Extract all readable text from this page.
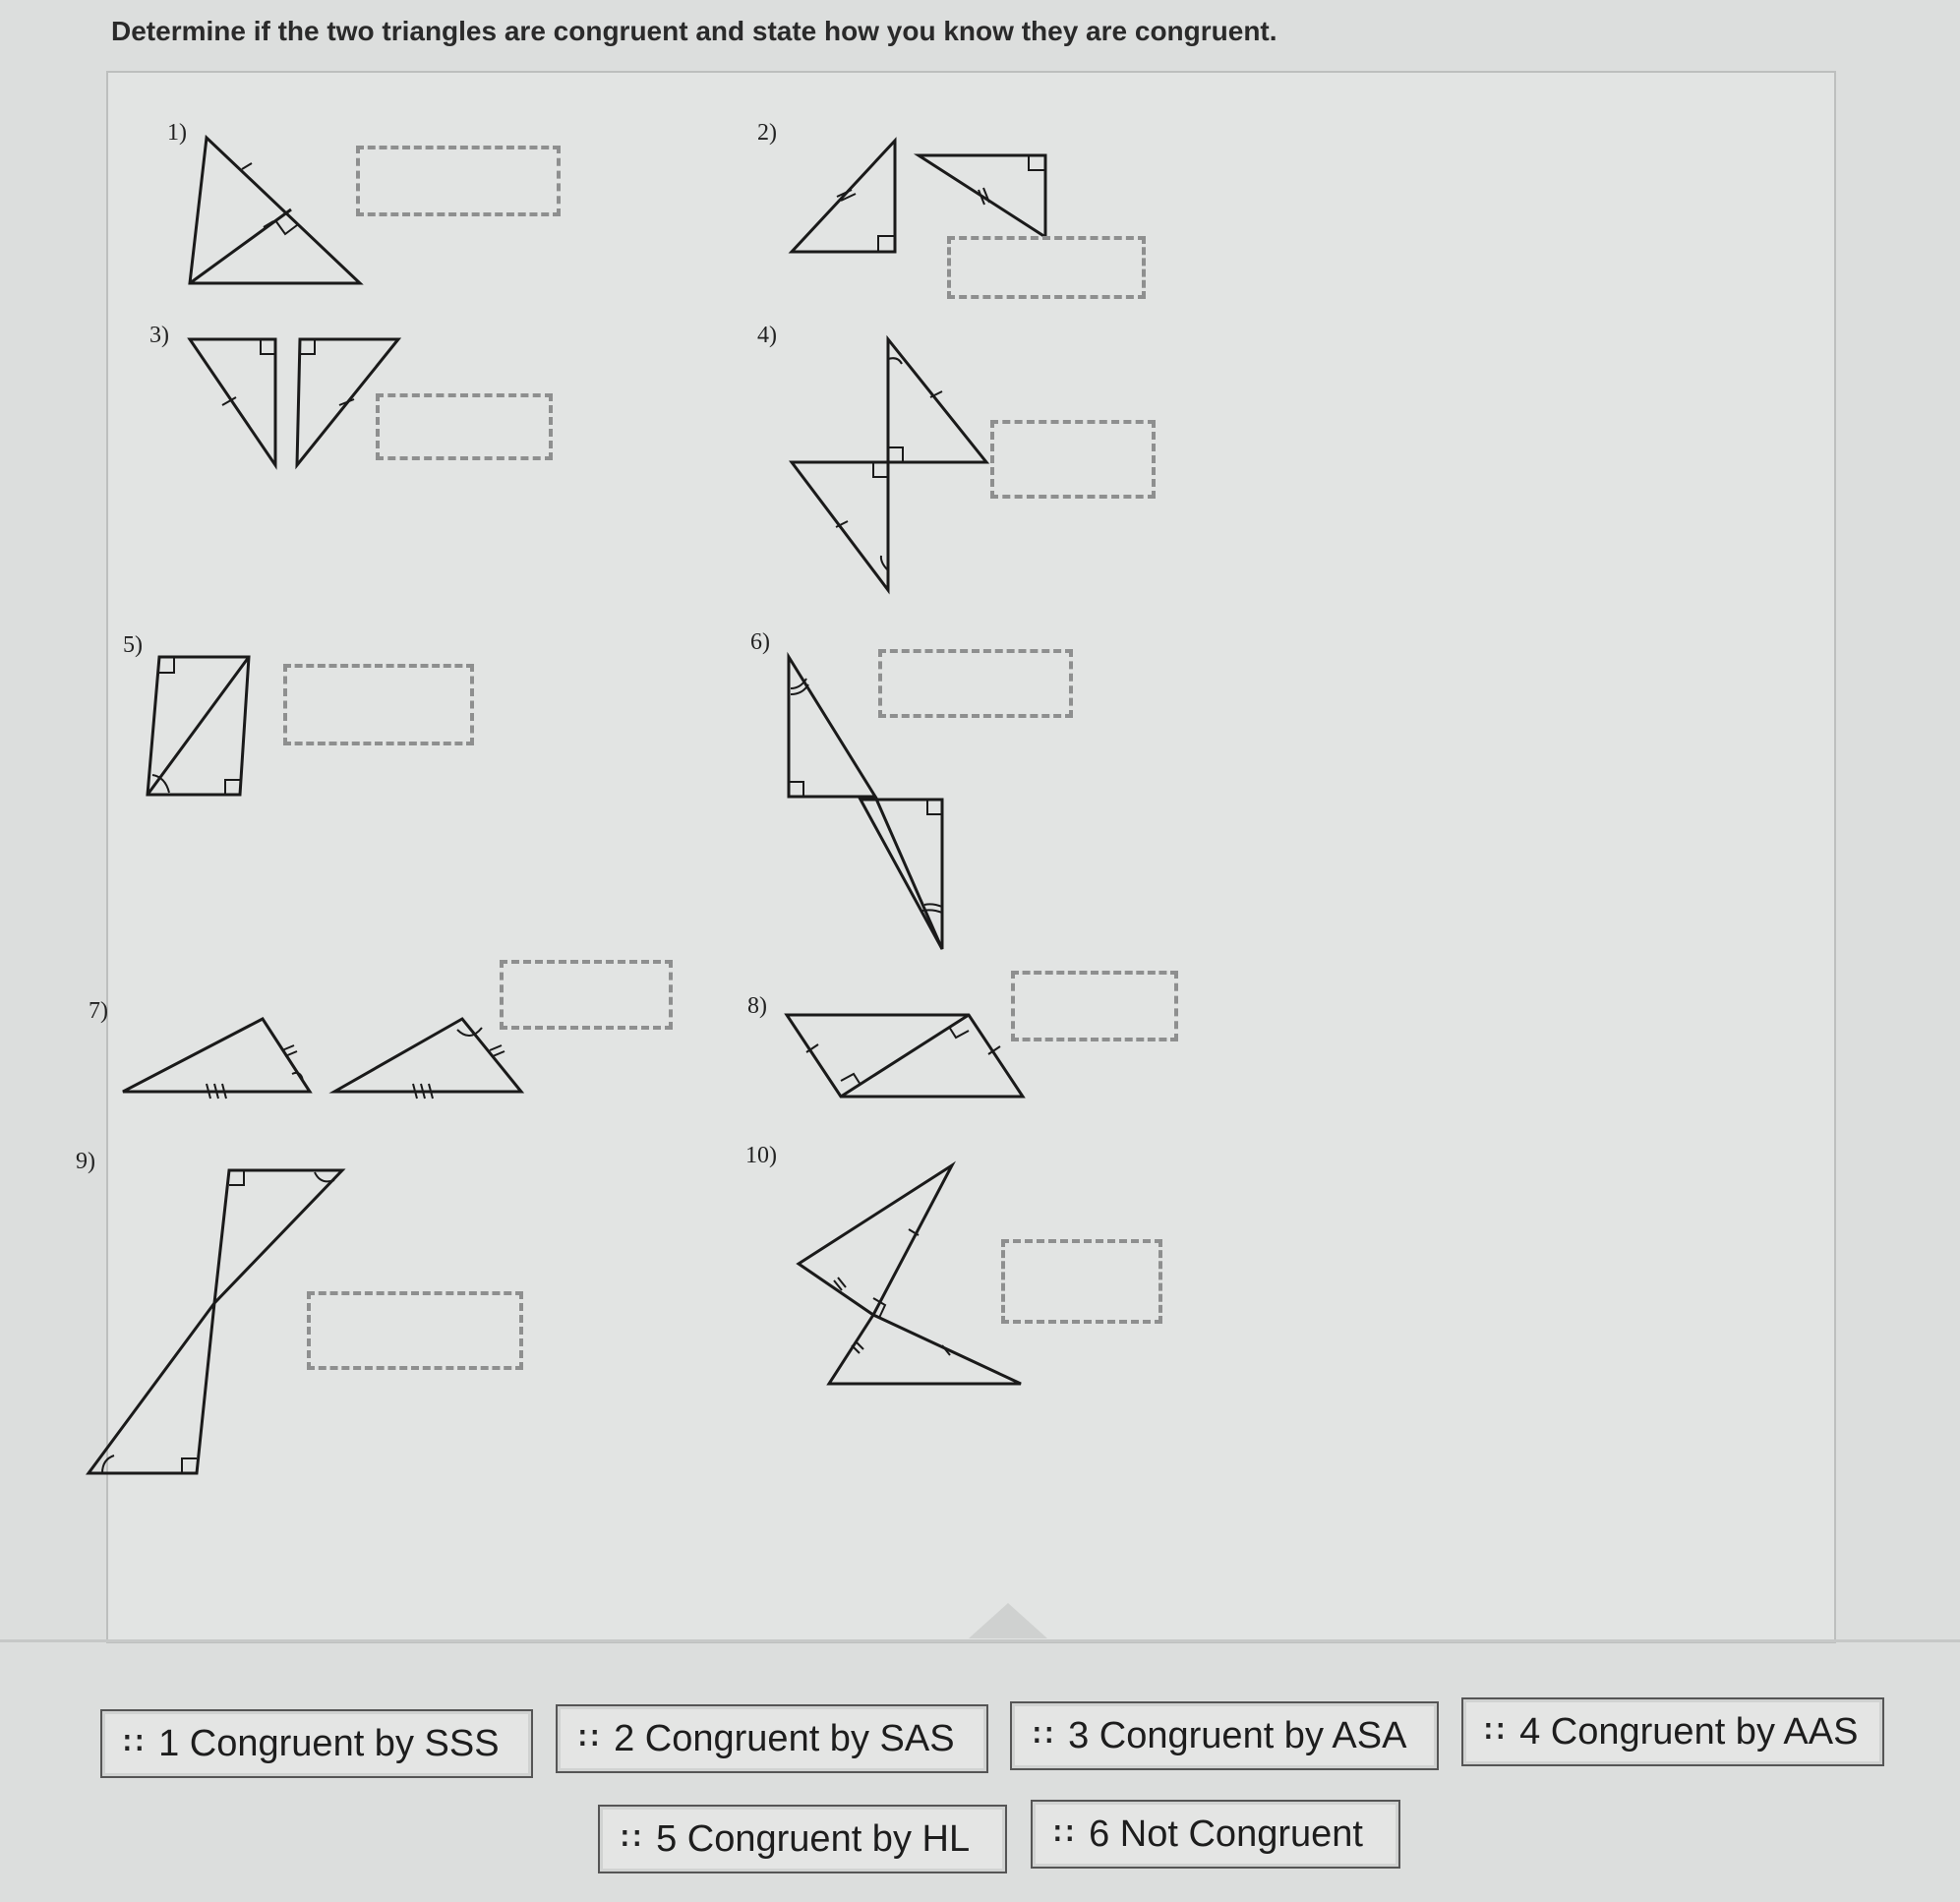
Determine if the two triangles are congruent and state how you know they are congruent.
1)	2)
3)	4)
5)	6)
7)	8)
9)	10)
∷ 1
Congruent by SSS	∷ 2
Congruent by SAS	∷ 3
Congruent by ASA	∷ 4
Congruent by AAS
∷ 5
Congruent by HL	∷ 6
Not Congruent
